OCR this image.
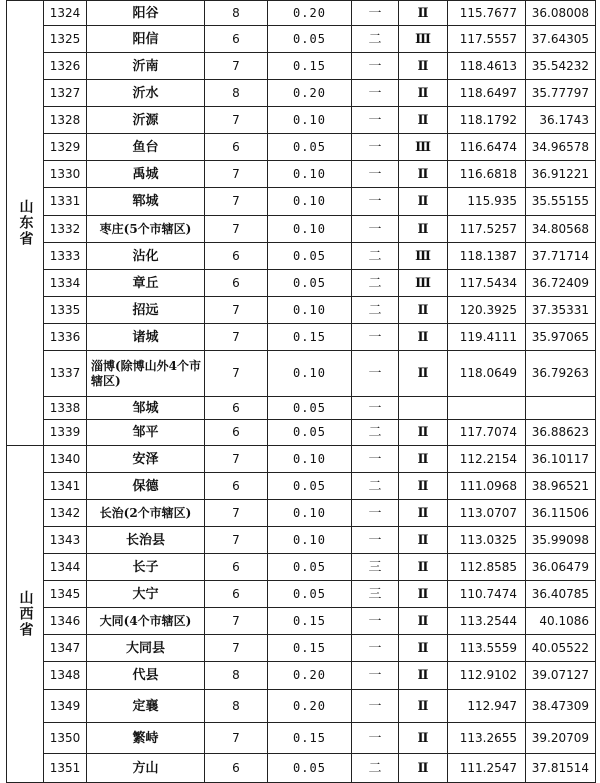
山东省	1324	阳谷	8	0.20	一	Ⅱ	115.7677	36.08008
	1325	阳信	6	0.05	二	Ⅲ	117.5557	37.64305
	1326	沂南	7	0.15	一	Ⅱ	118.4613	35.54232
	1327	沂水	8	0.20	一	Ⅱ	118.6497	35.77797
	1328	沂源	7	0.10	一	Ⅱ	118.1792	36.1743
	1329	鱼台	6	0.05	一	Ⅲ	116.6474	34.96578
	1330	禹城	7	0.10	一	Ⅱ	116.6818	36.91221
	1331	郓城	7	0.10	一	Ⅱ	115.935	35.55155
	1332	枣庄(5个市辖区)	7	0.10	一	Ⅱ	117.5257	34.80568
	1333	沾化	6	0.05	二	Ⅲ	118.1387	37.71714
	1334	章丘	6	0.05	二	Ⅲ	117.5434	36.72409
	1335	招远	7	0.10	二	Ⅱ	120.3925	37.35331
	1336	诸城	7	0.15	一	Ⅱ	119.4111	35.97065
	1337	淄博(除博山外4个市辖区)	7	0.10	一	Ⅱ	118.0649	36.79263
	1338	邹城	6	0.05	一			
	1339	邹平	6	0.05	二	Ⅱ	117.7074	36.88623
山西省	1340	安泽	7	0.10	一	Ⅱ	112.2154	36.10117
	1341	保德	6	0.05	二	Ⅱ	111.0968	38.96521
	1342	长治(2个市辖区)	7	0.10	一	Ⅱ	113.0707	36.11506
	1343	长治县	7	0.10	一	Ⅱ	113.0325	35.99098
	1344	长子	6	0.05	三	Ⅱ	112.8585	36.06479
	1345	大宁	6	0.05	三	Ⅱ	110.7474	36.40785
	1346	大同(4个市辖区)	7	0.15	一	Ⅱ	113.2544	40.1086
	1347	大同县	7	0.15	一	Ⅱ	113.5559	40.05522
	1348	代县	8	0.20	一	Ⅱ	112.9102	39.07127
	1349	定襄	8	0.20	一	Ⅱ	112.947	38.47309
	1350	繁峙	7	0.15	一	Ⅱ	113.2655	39.20709
	1351	方山	6	0.05	二	Ⅱ	111.2547	37.81514
